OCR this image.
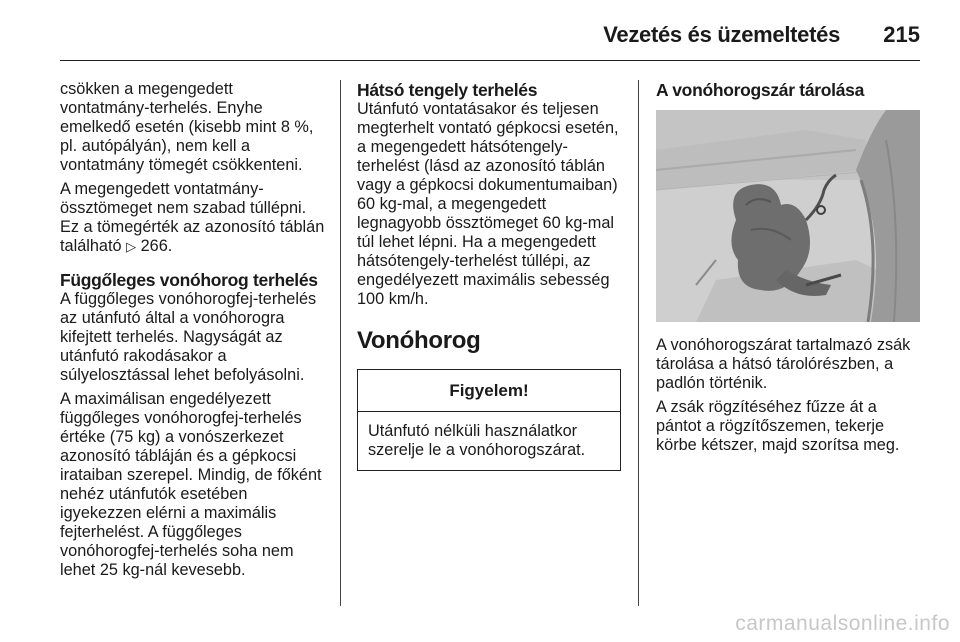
Vezetés és üzemeltetés 215

csökken a megengedett vontatmány-terhelés. Enyhe emelkedő esetén (kisebb mint 8 %, pl. autópályán), nem kell a vontatmány tömegét csökkenteni.

A megengedett vontatmány-össztömeget nem szabad túllépni. Ez a tömegérték az azonosító táblán található ▷ 266.

Függőleges vonóhorog terhelés

A függőleges vonóhorogfej-terhelés az utánfutó által a vonóhorogra kifejtett terhelés. Nagyságát az utánfutó rakodásakor a súlyelosztással lehet befolyásolni.

A maximálisan engedélyezett függőleges vonóhorogfej-terhelés értéke (75 kg) a vonószerkezet azonosító tábláján és a gépkocsi irataiban szerepel. Mindig, de főként nehéz utánfutók esetében igyekezzen elérni a maximális fejterhelést. A függőleges vonóhorogfej-terhelés soha nem lehet 25 kg-nál kevesebb.

Hátsó tengely terhelés

Utánfutó vontatásakor és teljesen megterhelt vontató gépkocsi esetén, a megengedett hátsótengely-terhelést (lásd az azonosító táblán vagy a gépkocsi dokumentumaiban) 60 kg-mal, a megengedett legnagyobb össztömeget 60 kg-mal túl lehet lépni. Ha a megengedett hátsótengely-terhelést túllépi, az engedélyezett maximális sebesség 100 km/h.

Vonóhorog
Figyelem!
Utánfutó nélküli használatkor szerelje le a vonóhorogszárat.
A vonóhorogszár tárolása

A vonóhorogszárat tartalmazó zsák tárolása a hátsó tárolórészben, a padlón történik.

A zsák rögzítéséhez fűzze át a pántot a rögzítőszemen, tekerje körbe kétszer, majd szorítsa meg.

carmanualsonline.info
